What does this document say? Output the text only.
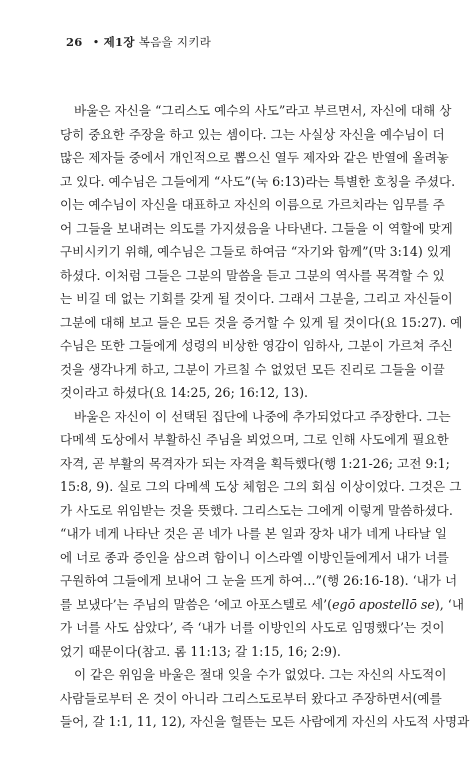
26 • 제1장 복음을 지키라
바울은 자신을 “그리스도 예수의 사도”라고 부르면서, 자신에 대해 상
당히 중요한 주장을 하고 있는 셈이다. 그는 사실상 자신을 예수님이 더
많은 제자들 중에서 개인적으로 뽑으신 열두 제자와 같은 반열에 올려놓
고 있다. 예수님은 그들에게 “사도”(눅 6:13)라는 특별한 호칭을 주셨다.
이는 예수님이 자신을 대표하고 자신의 이름으로 가르치라는 임무를 주
어 그들을 보내려는 의도를 가지셨음을 나타낸다. 그들을 이 역할에 맞게
구비시키기 위해, 예수님은 그들로 하여금 “자기와 함께”(막 3:14) 있게
하셨다. 이처럼 그들은 그분의 말씀을 듣고 그분의 역사를 목격할 수 있
는 비길 데 없는 기회를 갖게 될 것이다. 그래서 그분을, 그리고 자신들이
그분에 대해 보고 들은 모든 것을 증거할 수 있게 될 것이다(요 15:27). 예
수님은 또한 그들에게 성령의 비상한 영감이 임하사, 그분이 가르쳐 주신
것을 생각나게 하고, 그분이 가르칠 수 없었던 모든 진리로 그들을 이끌
것이라고 하셨다(요 14:25, 26; 16:12, 13).
바울은 자신이 이 선택된 집단에 나중에 추가되었다고 주장한다. 그는
다메섹 도상에서 부활하신 주님을 뵈었으며, 그로 인해 사도에게 필요한
자격, 곧 부활의 목격자가 되는 자격을 획득했다(행 1:21-26; 고전 9:1;
15:8, 9). 실로 그의 다메섹 도상 체험은 그의 회심 이상이었다. 그것은 그
가 사도로 위임받는 것을 뜻했다. 그리스도는 그에게 이렇게 말씀하셨다.
“내가 네게 나타난 것은 곧 네가 나를 본 일과 장차 내가 네게 나타날 일
에 너로 종과 증인을 삼으려 함이니 이스라엘 이방인들에게서 내가 너를
구원하여 그들에게 보내어 그 눈을 뜨게 하여…”(행 26:16-18). ‘내가 너
를 보냈다’는 주님의 말씀은 ‘에고 아포스텔로 세’(egō apostellō se), ‘내
가 너를 사도 삼았다’, 즉 ‘내가 너를 이방인의 사도로 임명했다’는 것이
었기 때문이다(참고. 롬 11:13; 갈 1:15, 16; 2:9).
이 같은 위임을 바울은 절대 잊을 수가 없었다. 그는 자신의 사도적이
사람들로부터 온 것이 아니라 그리스도로부터 왔다고 주장하면서(예를
들어, 갈 1:1, 11, 12), 자신을 헐뜯는 모든 사람에게 자신의 사도적 사명과
